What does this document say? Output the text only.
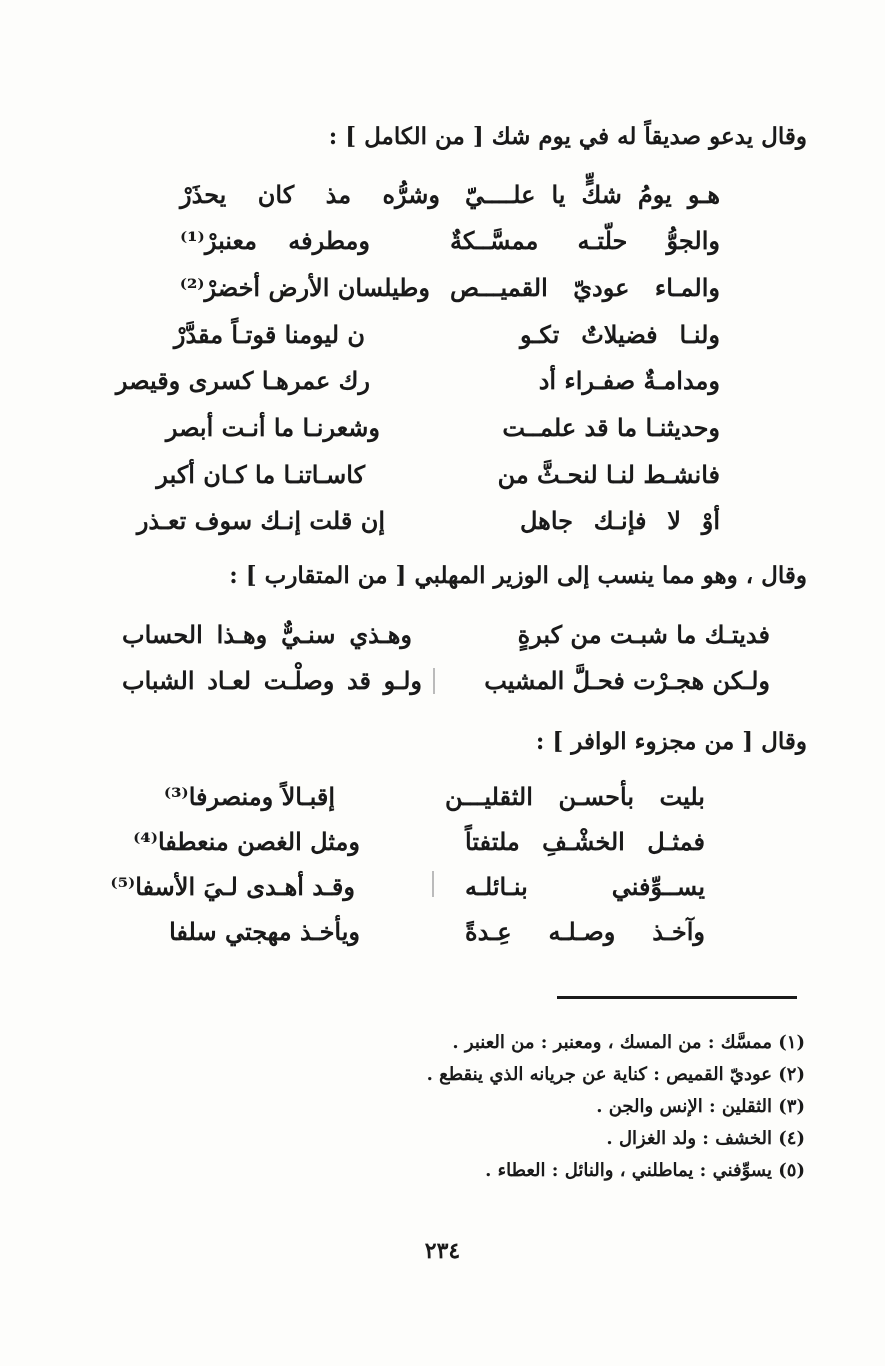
وقال يدعو صديقاً له في يوم شك [ من الكامل ] :
هـو يومُ شكٍّ يا علــــيّ
وشرُّه مذ كان يحذَرْ
والجوُّ حلّتـه ممسَّــكةٌ
ومطرفه معنبرْ⁽¹⁾
والمـاء عوديّ القميـــص
وطيلسان الأرض أخضرْ⁽²⁾
ولنـا فضيلاتٌ تكـو
ن ليومنا قوتـاً مقدَّرْ
ومدامـةٌ صفـراء أد
رك عمرهـا كسرى وقيصر
وحديثنـا ما قد علمــت
وشعرنـا ما أنـت أبصر
فانشـط لنـا لنحـثَّ من
كاسـاتنـا ما كـان أكبر
أوْ لا فإنـك جاهل
إن قلت إنـك سوف تعـذر
وقال ، وهو مما ينسب إلى الوزير المهلبي [ من المتقارب ] :
فديتـك ما شبـت من كبرةٍ
وهـذي سنـيٌّ وهـذا الحساب
ولـكن هجـرْت فحـلَّ المشيب
ولـو قد وصلْـت لعـاد الشباب
وقال [ من مجزوء الوافر ] :
بليت بأحسـن الثقليـــن
إقبـالاً ومنصرفا⁽³⁾
فمثـل الخشْـفِ ملتفتاً
ومثل الغصن منعطفا⁽⁴⁾
يســوِّفني بنـائلـه
وقـد أهـدى لـيَ الأسفا⁽⁵⁾
وآخـذ وصـلـه عِـدةً
ويأخـذ مهجتي سلفا
(١) ممسَّك : من المسك ، ومعنبر : من العنبر .
(٢) عوديّ القميص : كناية عن جريانه الذي ينقطع .
(٣) الثقلين : الإنس والجن .
(٤) الخشف : ولد الغزال .
(٥) يسوِّفني : يماطلني ، والنائل : العطاء .
٢٣٤
